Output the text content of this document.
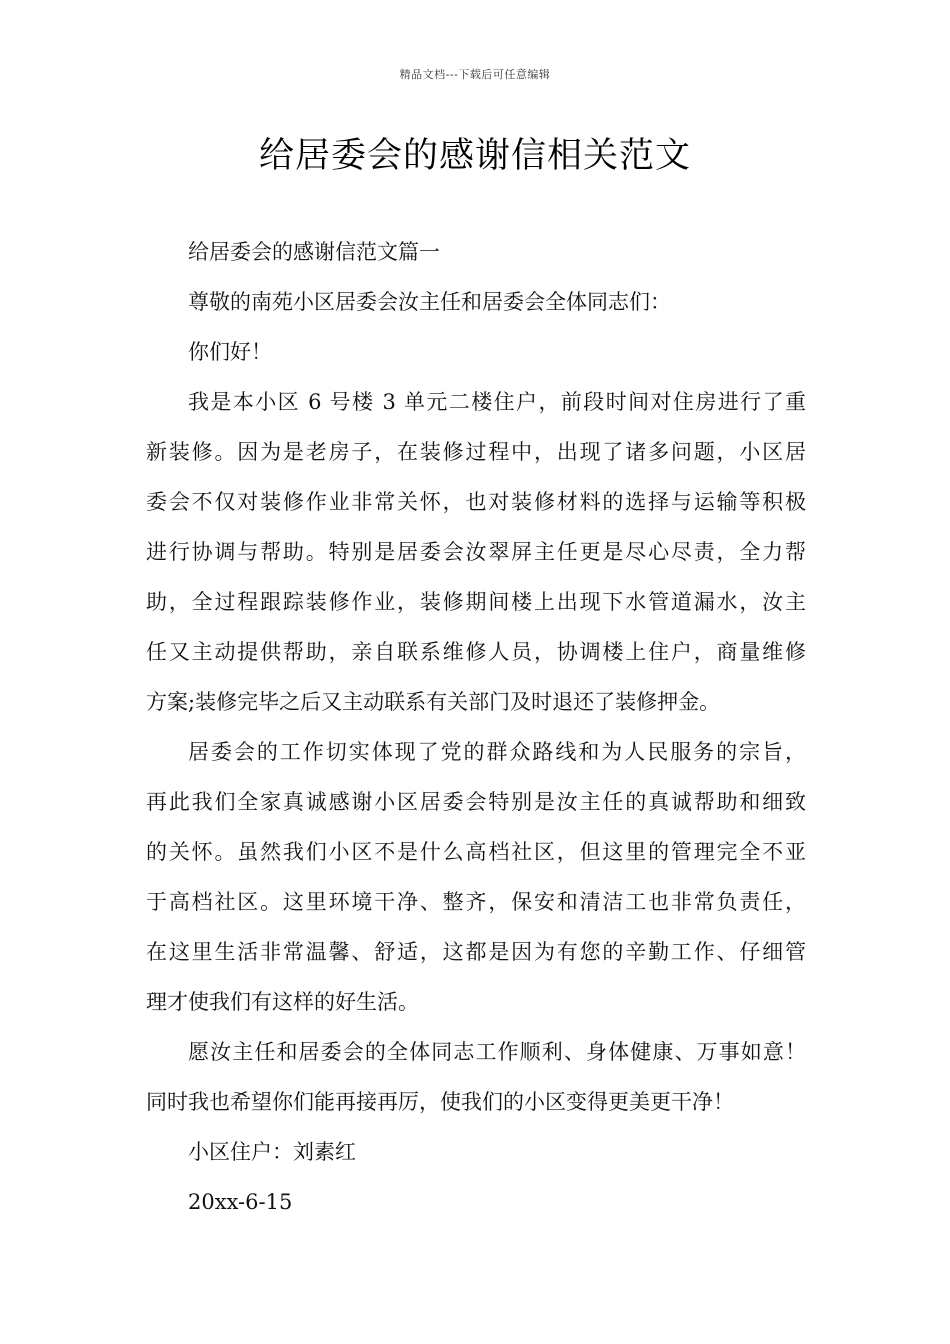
精品文档---下载后可任意编辑
给居委会的感谢信相关范文

给居委会的感谢信范文篇一

尊敬的南苑小区居委会汝主任和居委会全体同志们：

你们好！

我是本小区 6 号楼 3 单元二楼住户，前段时间对住房进行了重

新装修。因为是老房子，在装修过程中，出现了诸多问题，小区居

委会不仅对装修作业非常关怀，也对装修材料的选择与运输等积极

进行协调与帮助。特别是居委会汝翠屏主任更是尽心尽责，全力帮

助，全过程跟踪装修作业，装修期间楼上出现下水管道漏水，汝主

任又主动提供帮助，亲自联系维修人员，协调楼上住户，商量维修

方案;装修完毕之后又主动联系有关部门及时退还了装修押金。

居委会的工作切实体现了党的群众路线和为人民服务的宗旨，

再此我们全家真诚感谢小区居委会特别是汝主任的真诚帮助和细致

的关怀。虽然我们小区不是什么高档社区，但这里的管理完全不亚

于高档社区。这里环境干净、整齐，保安和清洁工也非常负责任，

在这里生活非常温馨、舒适，这都是因为有您的辛勤工作、仔细管

理才使我们有这样的好生活。

愿汝主任和居委会的全体同志工作顺利、身体健康、万事如意！

同时我也希望你们能再接再厉，使我们的小区变得更美更干净！

小区住户：刘素红

20xx-6-15
